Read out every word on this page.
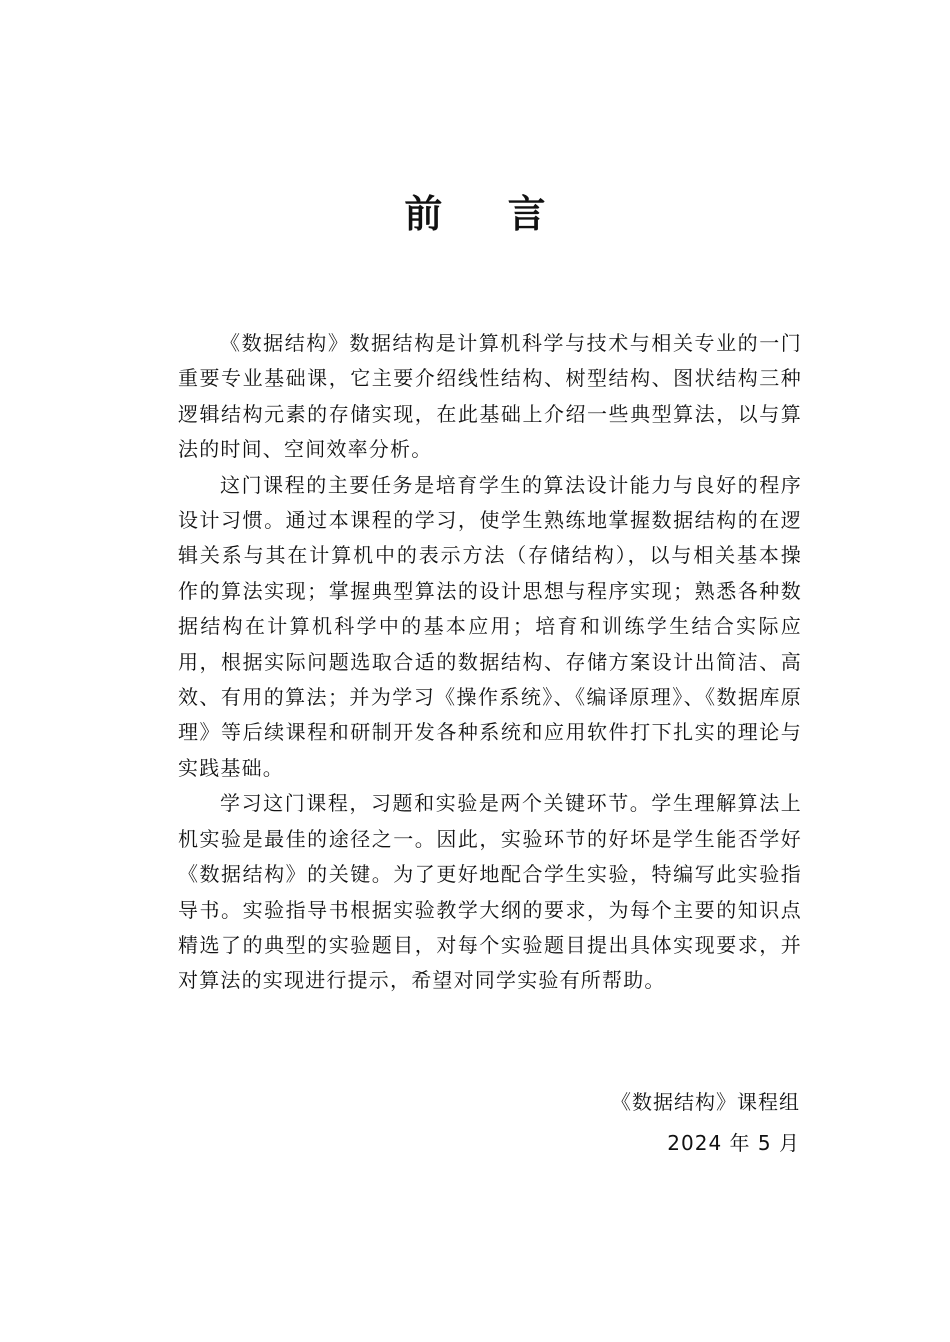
前 言

《数据结构》数据结构是计算机科学与技术与相关专业的一门重要专业基础课，它主要介绍线性结构、树型结构、图状结构三种逻辑结构元素的存储实现，在此基础上介绍一些典型算法，以与算法的时间、空间效率分析。

这门课程的主要任务是培育学生的算法设计能力与良好的程序设计习惯。通过本课程的学习，使学生熟练地掌握数据结构的在逻辑关系与其在计算机中的表示方法（存储结构），以与相关基本操作的算法实现；掌握典型算法的设计思想与程序实现；熟悉各种数据结构在计算机科学中的基本应用；培育和训练学生结合实际应用，根据实际问题选取合适的数据结构、存储方案设计出简洁、高效、有用的算法；并为学习《操作系统》、《编译原理》、《数据库原理》等后续课程和研制开发各种系统和应用软件打下扎实的理论与实践基础。

学习这门课程，习题和实验是两个关键环节。学生理解算法上机实验是最佳的途径之一。因此，实验环节的好坏是学生能否学好《数据结构》的关键。为了更好地配合学生实验，特编写此实验指导书。实验指导书根据实验教学大纲的要求，为每个主要的知识点精选了的典型的实验题目，对每个实验题目提出具体实现要求，并对算法的实现进行提示，希望对同学实验有所帮助。

《数据结构》课程组
2024 年 5 月
